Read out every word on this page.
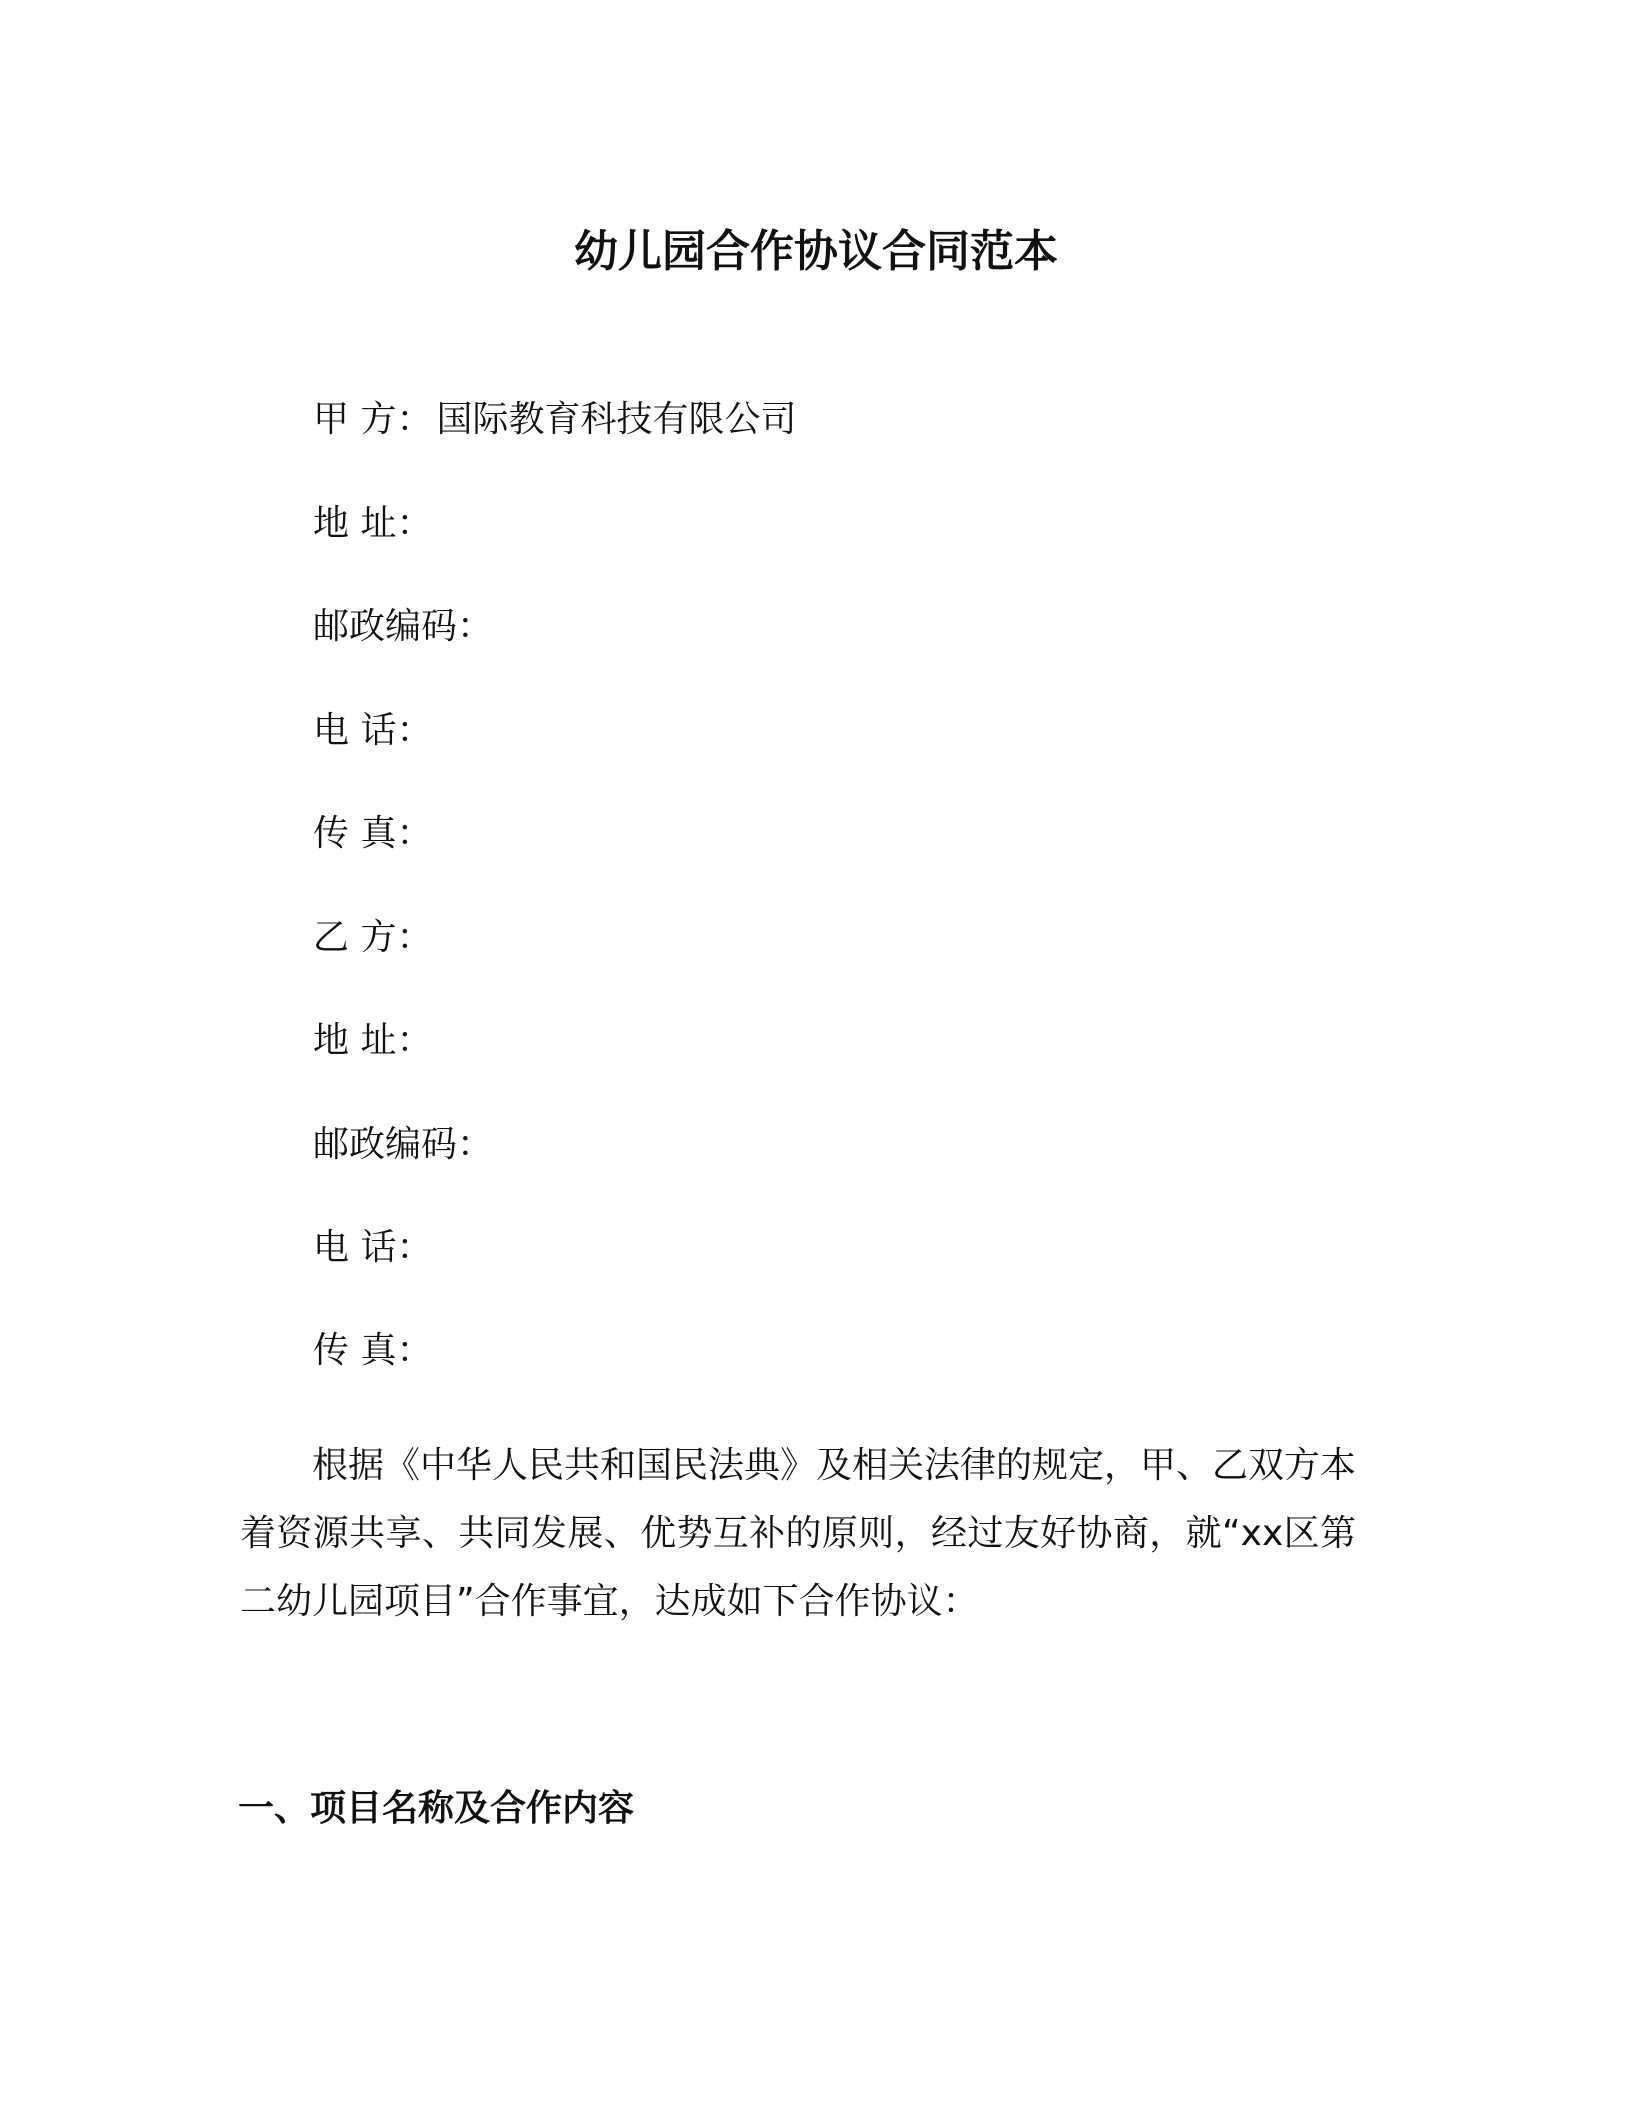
幼儿园合作协议合同范本
甲 方： 国际教育科技有限公司
地 址：
邮政编码：
电 话：
传 真：
乙 方：
地 址：
邮政编码：
电 话：
传 真：
根据《中华人民共和国民法典》及相关法律的规定，甲、乙双方本着资源共享、共同发展、优势互补的原则，经过友好协商，就“xx区第二幼儿园项目”合作事宜，达成如下合作协议：
一、项目名称及合作内容
